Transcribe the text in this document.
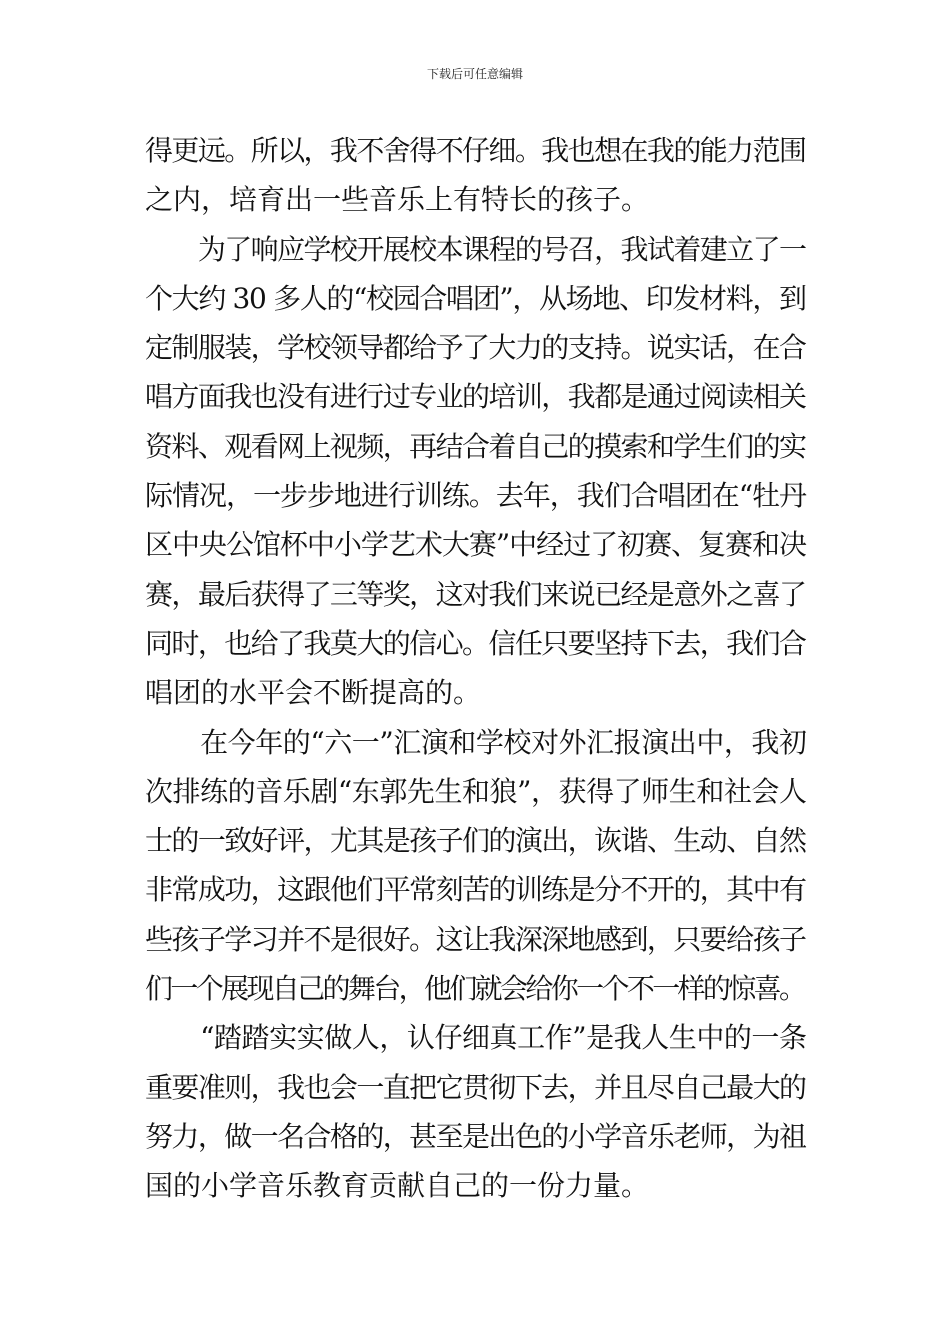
下载后可任意编辑
得更远。所以，我不舍得不仔细。我也想在我的能力范围
之内，培育出一些音乐上有特长的孩子。
　　为了响应学校开展校本课程的号召，我试着建立了一
个大约 30 多人的“校园合唱团”，从场地、印发材料，到
定制服装，学校领导都给予了大力的支持。说实话，在合
唱方面我也没有进行过专业的培训，我都是通过阅读相关
资料、观看网上视频，再结合着自己的摸索和学生们的实
际情况，一步步地进行训练。去年，我们合唱团在“牡丹
区中央公馆杯中小学艺术大赛”中经过了初赛、复赛和决
赛，最后获得了三等奖，这对我们来说已经是意外之喜了
同时，也给了我莫大的信心。信任只要坚持下去，我们合
唱团的水平会不断提高的。
　　在今年的“六一”汇演和学校对外汇报演出中，我初
次排练的音乐剧“东郭先生和狼”，获得了师生和社会人
士的一致好评，尤其是孩子们的演出，诙谐、生动、自然
非常成功，这跟他们平常刻苦的训练是分不开的，其中有
些孩子学习并不是很好。这让我深深地感到，只要给孩子
们一个展现自己的舞台，他们就会给你一个不一样的惊喜。
　　“踏踏实实做人，认仔细真工作”是我人生中的一条
重要准则，我也会一直把它贯彻下去，并且尽自己最大的
努力，做一名合格的，甚至是出色的小学音乐老师，为祖
国的小学音乐教育贡献自己的一份力量。
